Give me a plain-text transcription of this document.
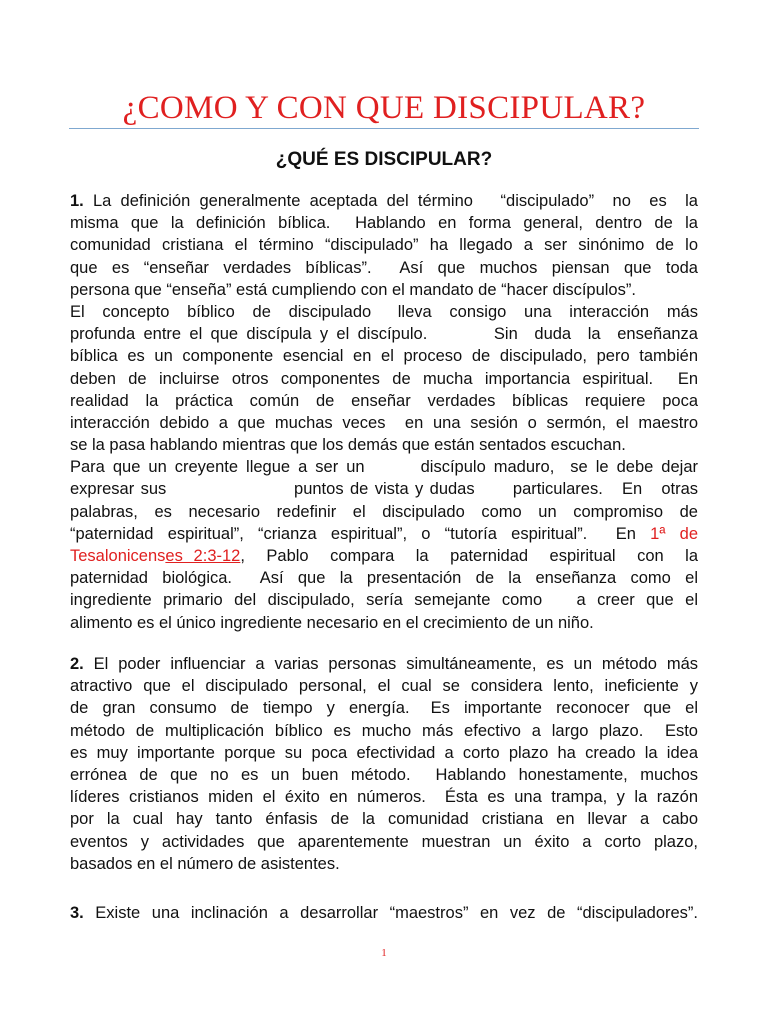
¿COMO Y CON QUE DISCIPULAR?
¿QUÉ ES DISCIPULAR?
1. La definición generalmente aceptada del término   “discipulado”  no  es  la
misma que la definición bíblica.  Hablando en forma general, dentro de la
comunidad cristiana el término “discipulado” ha llegado a ser sinónimo de lo
que es “enseñar verdades bíblicas”.  Así que muchos piensan que toda
persona que “enseña” está cumpliendo con el mandato de “hacer discípulos”.
El  concepto  bíblico  de  discipulado   lleva  consigo  una  interacción  más
profunda entre el que discípula y el discípulo.        Sin  duda  la  enseñanza
bíblica es un componente esencial en el proceso de discipulado, pero también
deben de incluirse otros componentes de mucha importancia espiritual.  En
realidad la práctica común de enseñar verdades bíblicas requiere poca
interacción debido a que muchas veces  en una sesión o sermón, el maestro
se la pasa hablando mientras que los demás que están sentados escuchan.
Para que un creyente llegue a ser un       discípulo maduro,  se le debe dejar
expresar sus                    puntos de vista y dudas      particulares.   En   otras
palabras,  es  necesario  redefinir  el  discipulado  como  un  compromiso  de
“paternidad espiritual”, “crianza espiritual”, o “tutoría espiritual”.  En 1ª de
Tesalonicenses 2:3-12,  Pablo  compara  la  paternidad  espiritual  con  la
paternidad biológica.  Así que la presentación de la enseñanza como el
ingrediente primario del discipulado, sería semejante como   a creer que el
alimento es el único ingrediente necesario en el crecimiento de un niño.
2. El poder influenciar a varias personas simultáneamente, es un método más
atractivo que el discipulado personal, el cual se considera lento, ineficiente y
de  gran  consumo  de  tiempo  y  energía.   Es  importante  reconocer  que  el
método de multiplicación bíblico es mucho más efectivo a largo plazo.  Esto
es muy importante porque su poca efectividad a corto plazo ha creado la idea
errónea de que no es un buen método.  Hablando honestamente, muchos
líderes cristianos miden el éxito en números.  Ésta es una trampa, y la razón
por  la  cual  hay  tanto  énfasis  de  la  comunidad  cristiana  en  llevar  a  cabo
eventos  y  actividades  que  aparentemente  muestran  un  éxito  a  corto  plazo,
basados en el número de asistentes.
3. Existe una inclinación a desarrollar “maestros” en vez de “discipuladores”.
1
